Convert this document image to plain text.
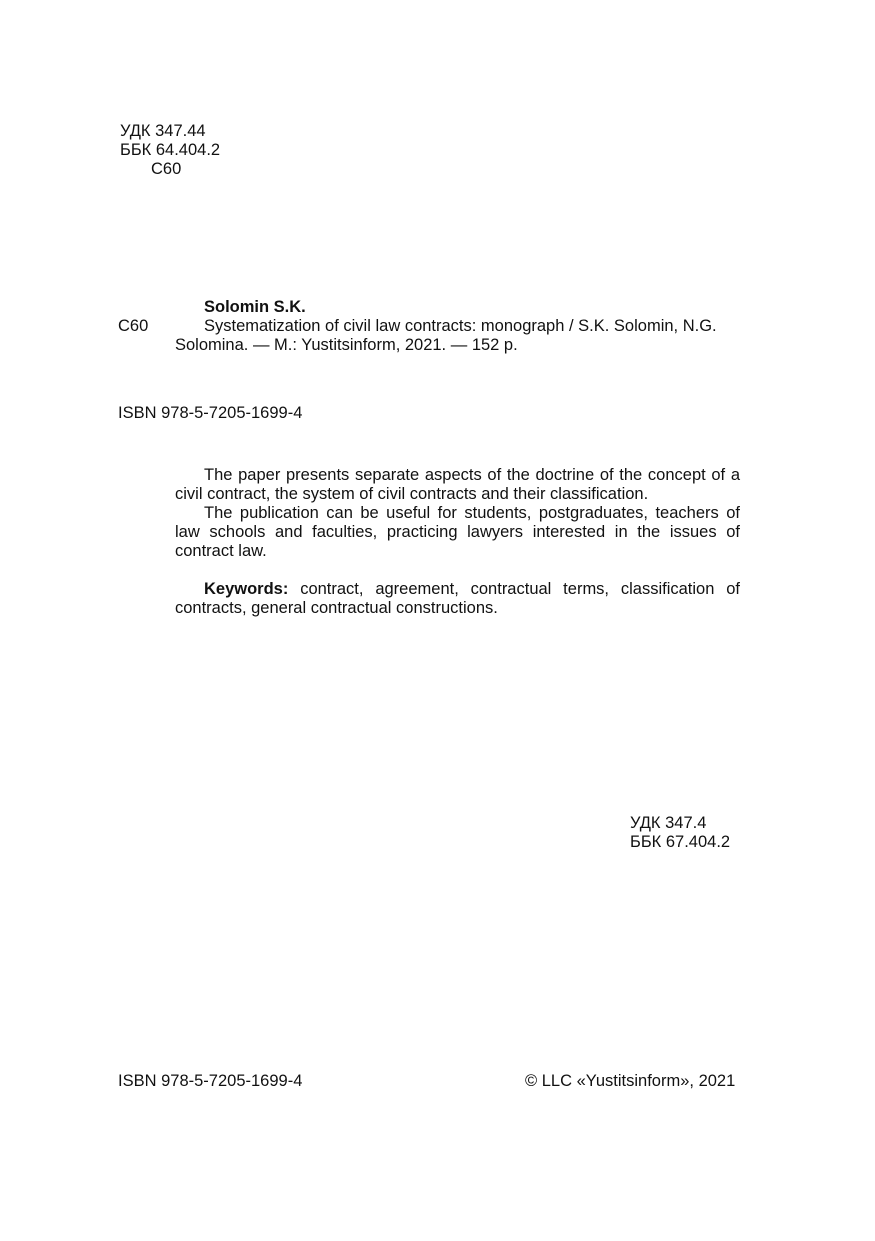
УДК 347.44
ББК 64.404.2
С60
С60
Solomin S.K.
Systematization of civil law contracts: monograph / S.K. Solomin, N.G. Solomina. — M.: Yustitsinform, 2021. — 152 p.
ISBN 978-5-7205-1699-4

The paper presents separate aspects of the doctrine of the concept of a civil contract, the system of civil contracts and their classification.

The publication can be useful for students, postgraduates, teachers of law schools and faculties, practicing lawyers interested in the issues of contract law.

Keywords: contract, agreement, contractual terms, classification of contracts, general contractual constructions.

УДК 347.4
ББК 67.404.2
ISBN 978-5-7205-1699-4	© LLC «Yustitsinform», 2021
